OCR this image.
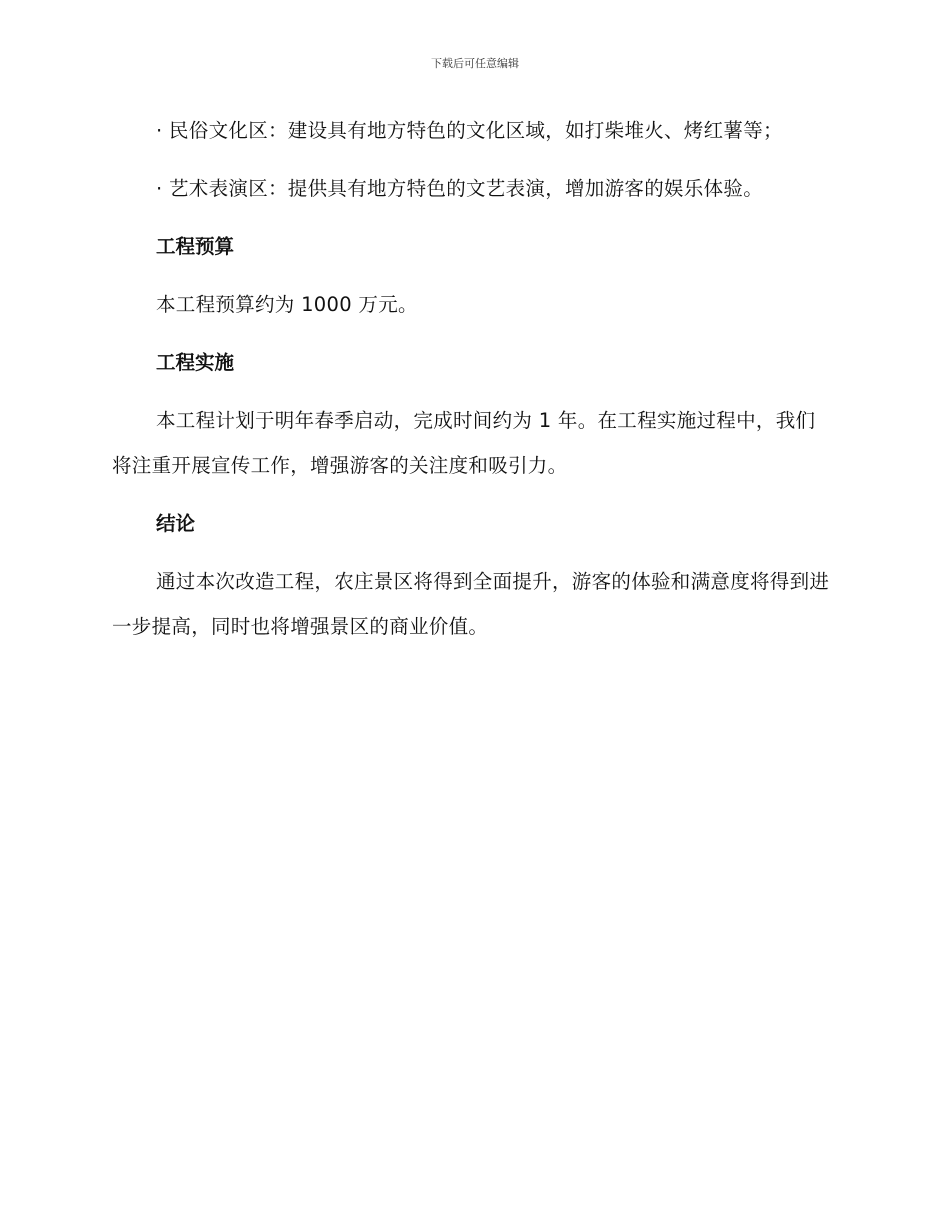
下载后可任意编辑

· 民俗文化区：建设具有地方特色的文化区域，如打柴堆火、烤红薯等；

· 艺术表演区：提供具有地方特色的文艺表演，增加游客的娱乐体验。

工程预算

本工程预算约为 1000 万元。

工程实施

本工程计划于明年春季启动，完成时间约为 1 年。在工程实施过程中，我们将注重开展宣传工作，增强游客的关注度和吸引力。

结论

通过本次改造工程，农庄景区将得到全面提升，游客的体验和满意度将得到进一步提高，同时也将增强景区的商业价值。
